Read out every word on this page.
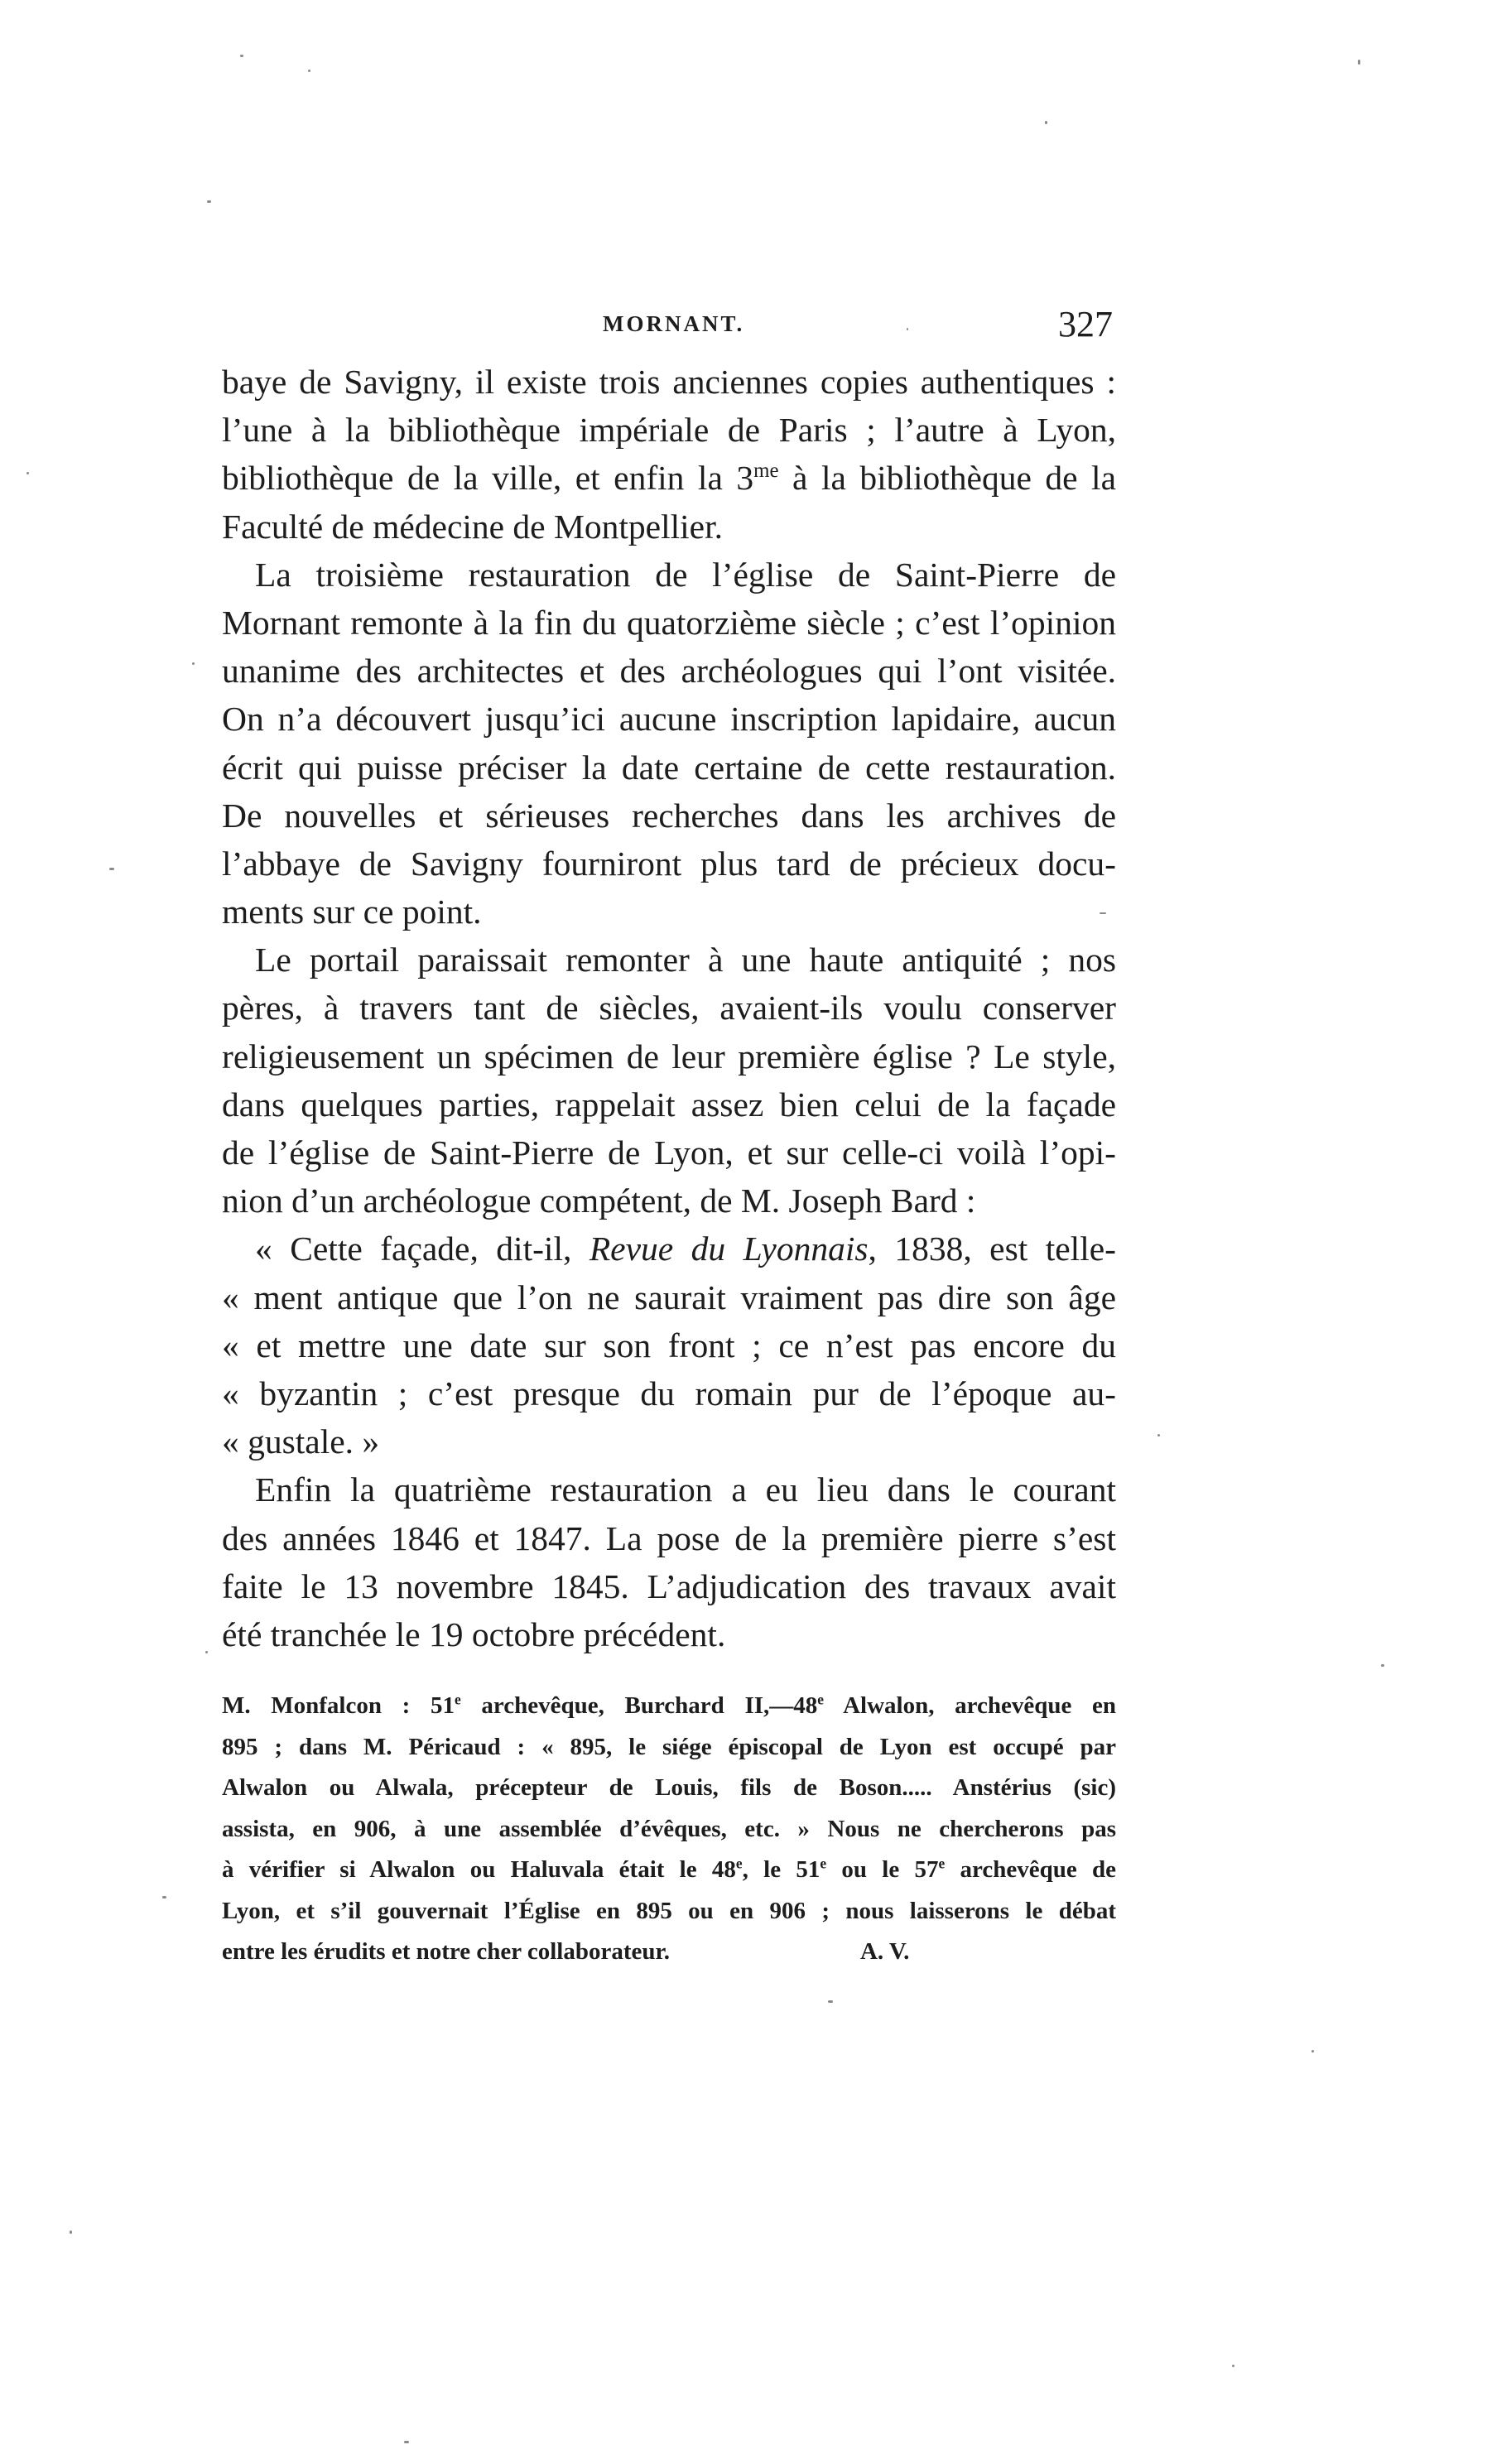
MORNANT.	327
baye de Savigny, il existe trois anciennes copies authentiques :
l’une à la bibliothèque impériale de Paris ; l’autre à Lyon,
bibliothèque de la ville, et enfin la $3^{me}$ à la bibliothèque de la
Faculté de médecine de Montpellier.
La troisième restauration de l’église de Saint-Pierre de
Mornant remonte à la fin du quatorzième siècle ; c’est l’opinion
unanime des architectes et des archéologues qui l’ont visitée.
On n’a découvert jusqu’ici aucune inscription lapidaire, aucun
écrit qui puisse préciser la date certaine de cette restauration.
De nouvelles et sérieuses recherches dans les archives de
l’abbaye de Savigny fourniront plus tard de précieux docu-
ments sur ce point.
Le portail paraissait remonter à une haute antiquité ; nos
pères, à travers tant de siècles, avaient-ils voulu conserver
religieusement un spécimen de leur première église ? Le style,
dans quelques parties, rappelait assez bien celui de la façade
de l’église de Saint-Pierre de Lyon, et sur celle-ci voilà l’opi-
nion d’un archéologue compétent, de M. Joseph Bard :
« Cette façade, dit-il, Revue du Lyonnais, 1838, est telle-
« ment antique que l’on ne saurait vraiment pas dire son âge
« et mettre une date sur son front ; ce n’est pas encore du
« byzantin ; c’est presque du romain pur de l’époque au-
« gustale. »
Enfin la quatrième restauration a eu lieu dans le courant
des années 1846 et 1847. La pose de la première pierre s’est
faite le 13 novembre 1845. L’adjudication des travaux avait
été tranchée le 19 octobre précédent.
M. Monfalcon : 51e archevêque, Burchard II,—48e Alwalon, archevêque en
895 ; dans M. Péricaud : « 895, le siége épiscopal de Lyon est occupé par
Alwalon ou Alwala, précepteur de Louis, fils de Boson..... Anstérius (sic)
assista, en 906, à une assemblée d’évêques, etc. » Nous ne chercherons pas
à vérifier si Alwalon ou Haluvala était le 48e, le 51e ou le 57e archevêque de
Lyon, et s’il gouvernait l’Église en 895 ou en 906 ; nous laisserons le débat
entre les érudits et notre cher collaborateur.	A. V.
